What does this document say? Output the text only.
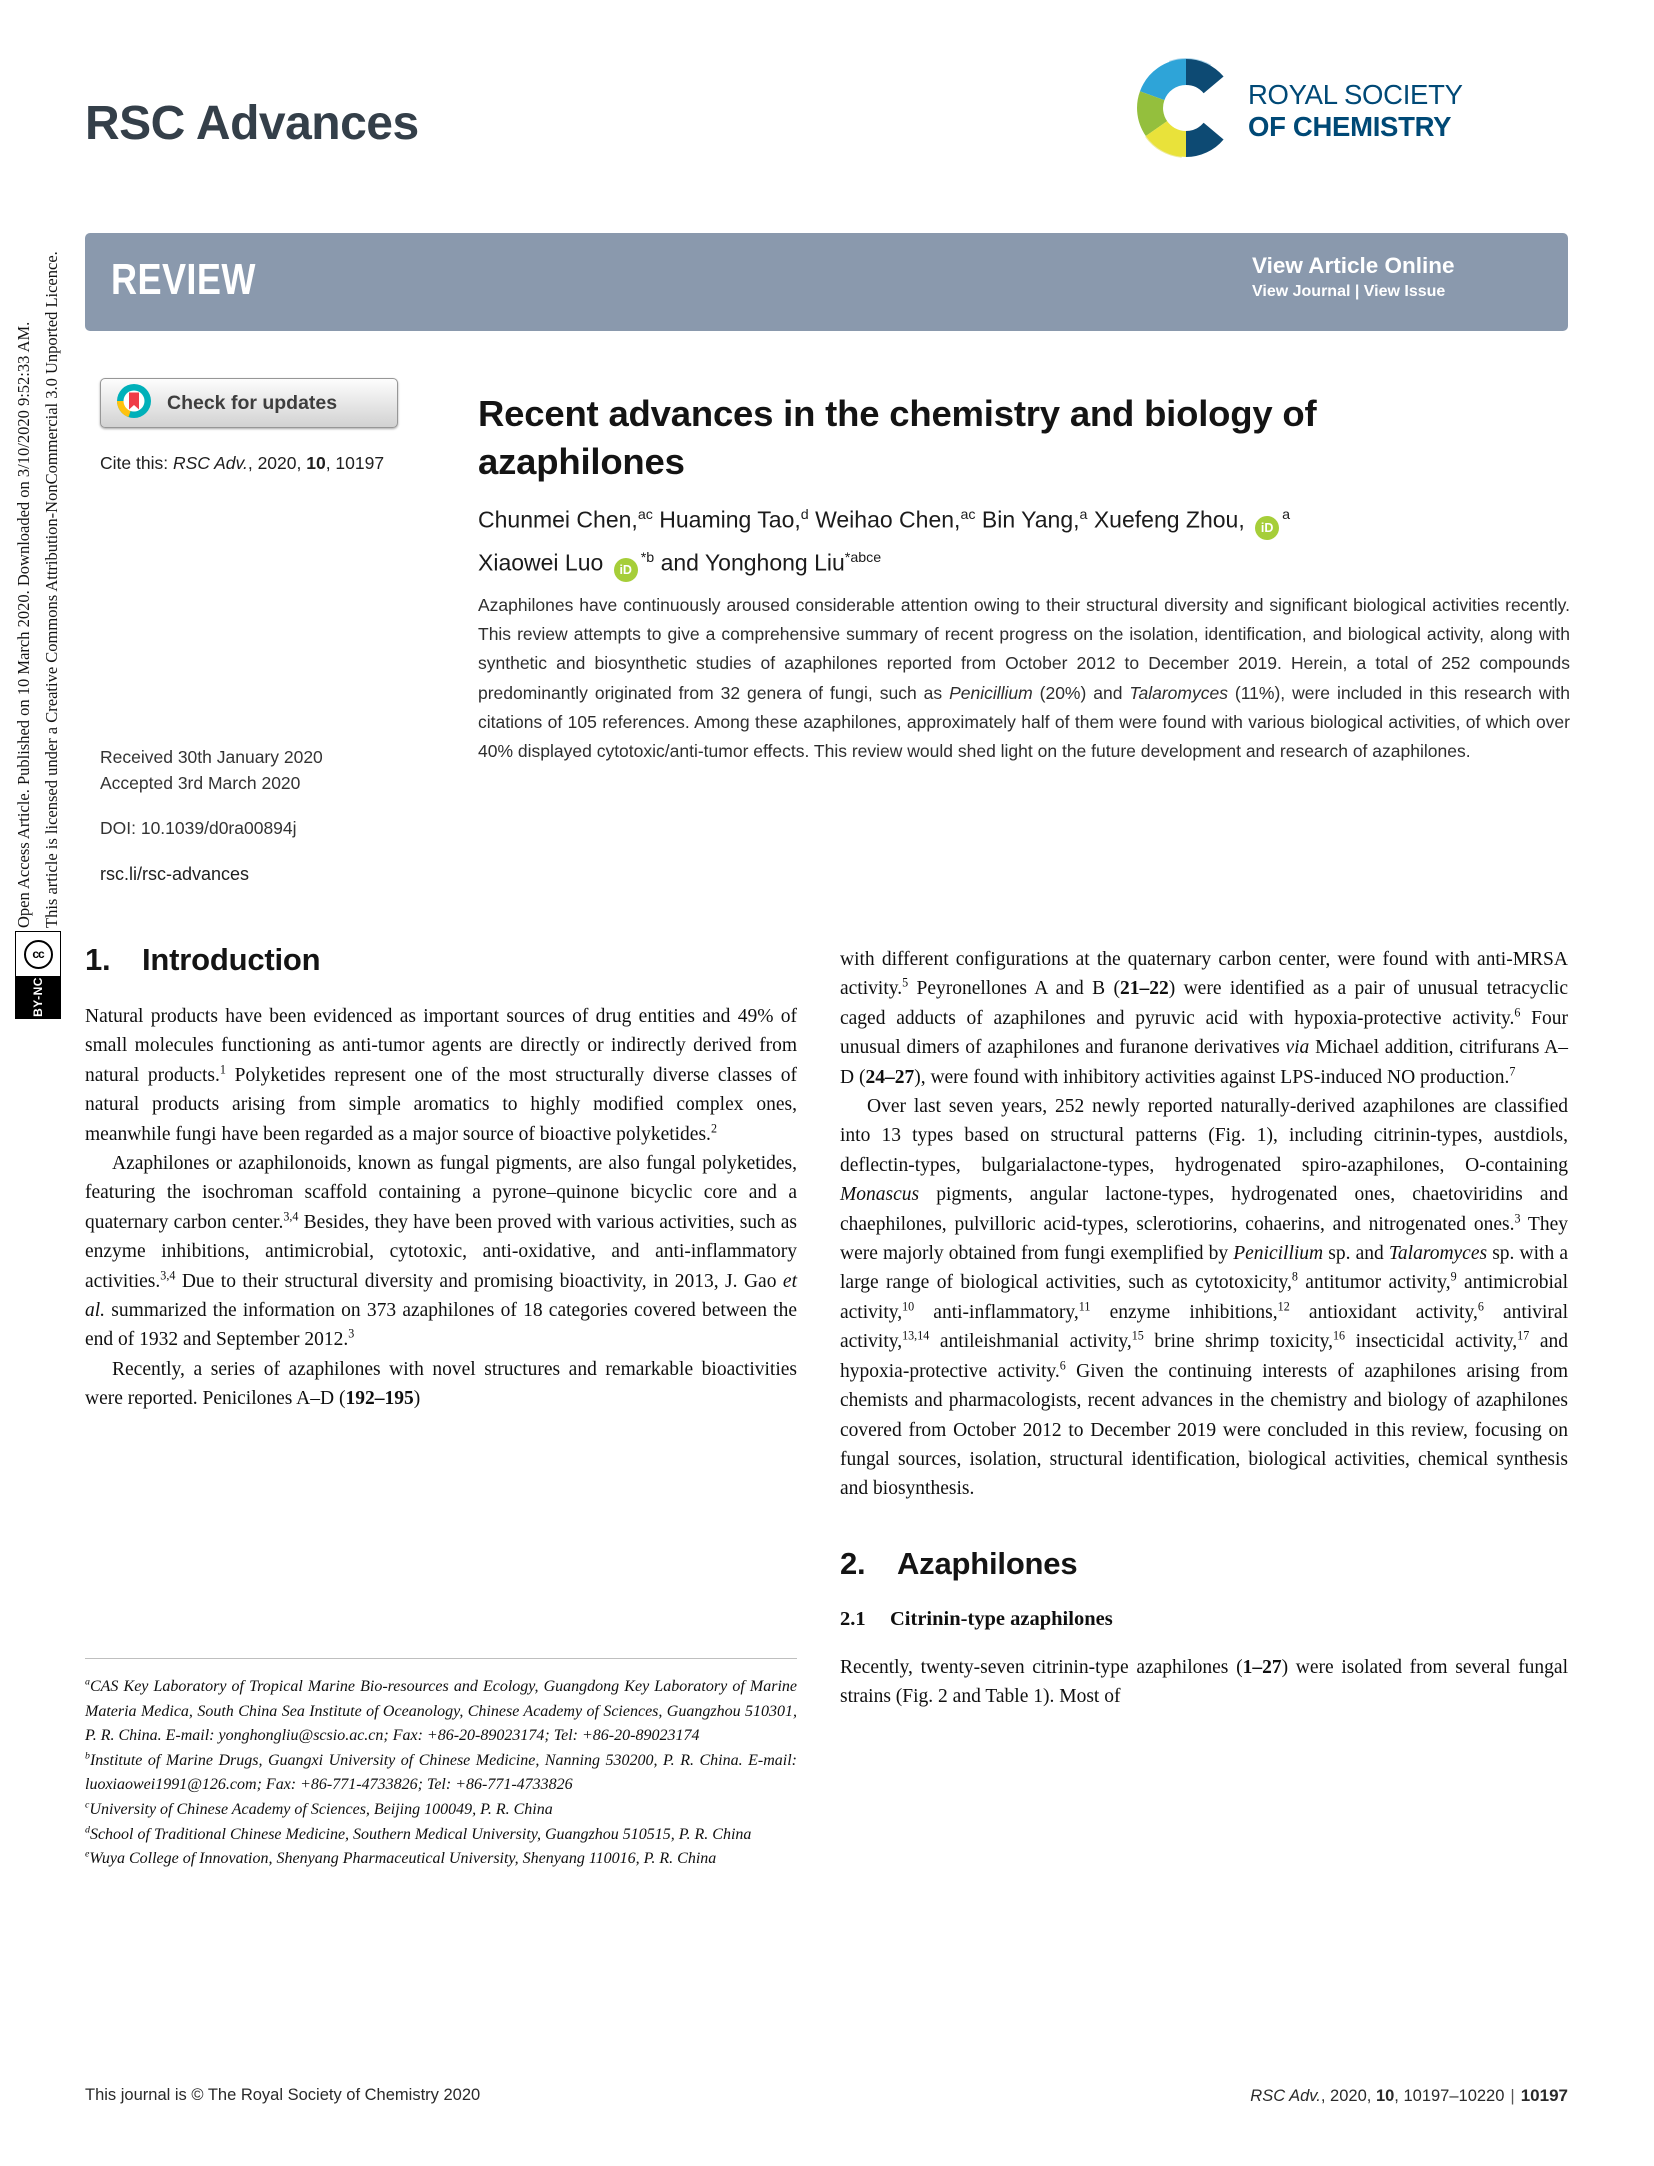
Open Access Article. Published on 10 March 2020. Downloaded on 3/10/2020 9:52:33 AM. This article is licensed under a Creative Commons Attribution-NonCommercial 3.0 Unported Licence.
cc
BY-NC
RSC Advances
ROYAL SOCIETY
OF CHEMISTRY
REVIEW	View Article Online
View Journal | View Issue
Check for updates
Cite this: RSC Adv., 2020, 10, 10197
Received 30th January 2020
Accepted 3rd March 2020
DOI: 10.1039/d0ra00894j
rsc.li/rsc-advances
Recent advances in the chemistry and biology of
azaphilones
Chunmei Chen,$^{ac}$ Huaming Tao,$^d$ Weihao Chen,$^{ac}$ Bin Yang,$^a$ Xuefeng Zhou, $iD^a$
Xiaowei Luo $iD^{*b}$ and Yonghong Liu$^{*abce}$
Azaphilones have continuously aroused considerable attention owing to their structural diversity and significant biological activities recently. This review attempts to give a comprehensive summary of recent progress on the isolation, identification, and biological activity, along with synthetic and biosynthetic studies of azaphilones reported from October 2012 to December 2019. Herein, a total of 252 compounds predominantly originated from 32 genera of fungi, such as Penicillium (20%) and Talaromyces (11%), were included in this research with citations of 105 references. Among these azaphilones, approximately half of them were found with various biological activities, of which over 40% displayed cytotoxic/anti-tumor effects. This review would shed light on the future development and research of azaphilones.
1. Introduction

Natural products have been evidenced as important sources of drug entities and 49% of small molecules functioning as anti-tumor agents are directly or indirectly derived from natural products.$^1$ Polyketides represent one of the most structurally diverse classes of natural products arising from simple aromatics to highly modified complex ones, meanwhile fungi have been regarded as a major source of bioactive polyketides.$^2$

Azaphilones or azaphilonoids, known as fungal pigments, are also fungal polyketides, featuring the isochroman scaffold containing a pyrone–quinone bicyclic core and a quaternary carbon center.$^{3,4}$ Besides, they have been proved with various activities, such as enzyme inhibitions, antimicrobial, cytotoxic, anti-oxidative, and anti-inflammatory activities.$^{3,4}$ Due to their structural diversity and promising bioactivity, in 2013, J. Gao et al. summarized the information on 373 azaphilones of 18 categories covered between the end of 1932 and September 2012.$^3$

Recently, a series of azaphilones with novel structures and remarkable bioactivities were reported. Penicilones A–D (192–195)

with different configurations at the quaternary carbon center, were found with anti-MRSA activity.$^5$ Peyronellones A and B (21–22) were identified as a pair of unusual tetracyclic caged adducts of azaphilones and pyruvic acid with hypoxia-protective activity.$^6$ Four unusual dimers of azaphilones and furanone derivatives via Michael addition, citrifurans A–D (24–27), were found with inhibitory activities against LPS-induced NO production.$^7$

Over last seven years, 252 newly reported naturally-derived azaphilones are classified into 13 types based on structural patterns (Fig. 1), including citrinin-types, austdiols, deflectin-types, bulgarialactone-types, hydrogenated spiro-azaphilones, O-containing Monascus pigments, angular lactone-types, hydrogenated ones, chaetoviridins and chaephilones, pulvilloric acid-types, sclerotiorins, cohaerins, and nitrogenated ones.$^3$ They were majorly obtained from fungi exemplified by Penicillium sp. and Talaromyces sp. with a large range of biological activities, such as cytotoxicity,$^8$ antitumor activity,$^9$ antimicrobial activity,$^{10}$ anti-inflammatory,$^{11}$ enzyme inhibitions,$^{12}$ antioxidant activity,$^6$ antiviral activity,$^{13,14}$ antileishmanial activity,$^{15}$ brine shrimp toxicity,$^{16}$ insecticidal activity,$^{17}$ and hypoxia-protective activity.$^6$ Given the continuing interests of azaphilones arising from chemists and pharmacologists, recent advances in the chemistry and biology of azaphilones covered from October 2012 to December 2019 were concluded in this review, focusing on fungal sources, isolation, structural identification, biological activities, chemical synthesis and biosynthesis.

2. Azaphilones
2.1 Citrinin-type azaphilones

Recently, twenty-seven citrinin-type azaphilones (1–27) were isolated from several fungal strains (Fig. 2 and Table 1). Most of

$^a$CAS Key Laboratory of Tropical Marine Bio-resources and Ecology, Guangdong Key Laboratory of Marine Materia Medica, South China Sea Institute of Oceanology, Chinese Academy of Sciences, Guangzhou 510301, P. R. China. E-mail: yonghongliu@scsio.ac.cn; Fax: +86-20-89023174; Tel: +86-20-89023174

$^b$Institute of Marine Drugs, Guangxi University of Chinese Medicine, Nanning 530200, P. R. China. E-mail: luoxiaowei1991@126.com; Fax: +86-771-4733826; Tel: +86-771-4733826

$^c$University of Chinese Academy of Sciences, Beijing 100049, P. R. China

$^d$School of Traditional Chinese Medicine, Southern Medical University, Guangzhou 510515, P. R. China

$^e$Wuya College of Innovation, Shenyang Pharmaceutical University, Shenyang 110016, P. R. China

This journal is © The Royal Society of Chemistry 2020	RSC Adv., 2020, 10, 10197–10220 | 10197
